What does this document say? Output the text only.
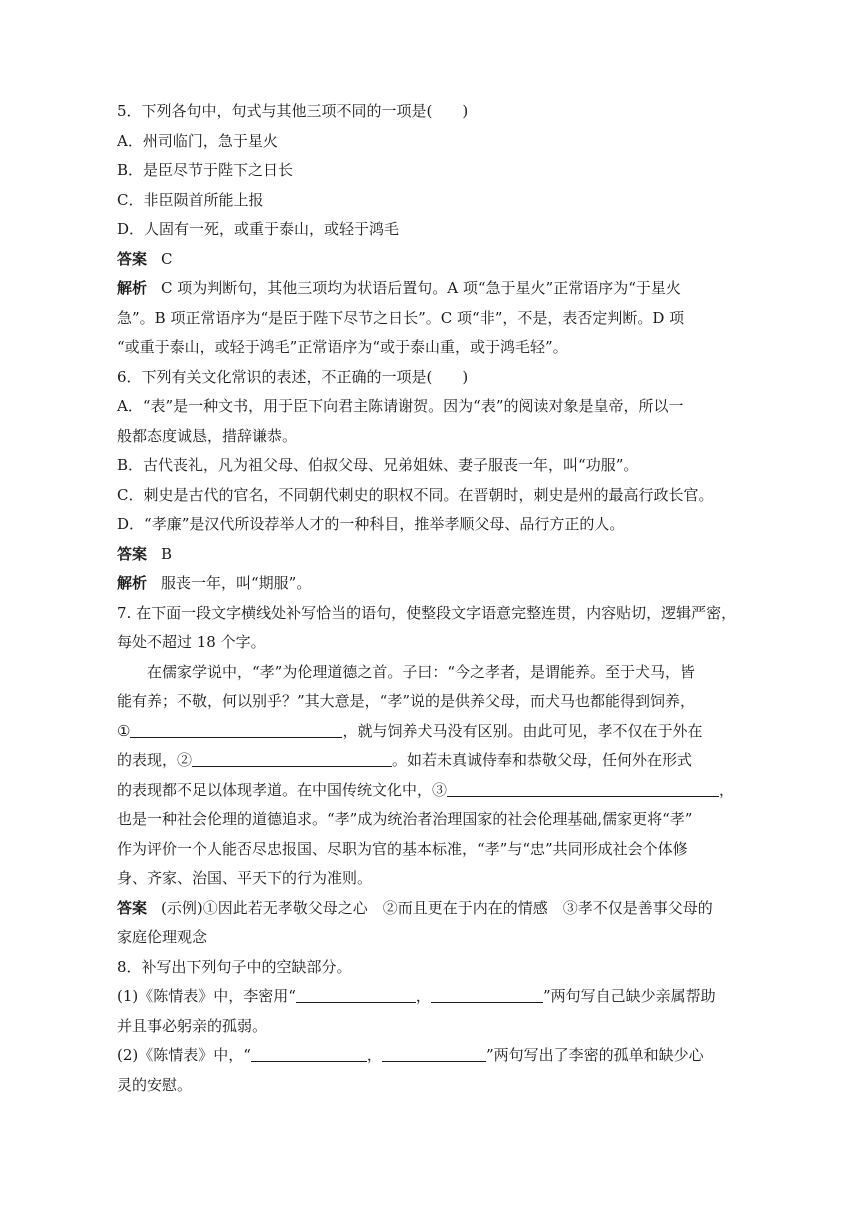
5．下列各句中，句式与其他三项不同的一项是(　　)
A．州司临门，急于星火
B．是臣尽节于陛下之日长
C．非臣陨首所能上报
D．人固有一死，或重于泰山，或轻于鸿毛
答案 C
解析 C 项为判断句，其他三项均为状语后置句。A 项“急于星火”正常语序为“于星火
急”。B 项正常语序为“是臣于陛下尽节之日长”。C 项“非”，不是，表否定判断。D 项
“或重于泰山，或轻于鸿毛”正常语序为“或于泰山重，或于鸿毛轻”。
6．下列有关文化常识的表述，不正确的一项是(　　)
A．“表”是一种文书，用于臣下向君主陈请谢贺。因为“表”的阅读对象是皇帝，所以一
般都态度诚恳，措辞谦恭。
B．古代丧礼，凡为祖父母、伯叔父母、兄弟姐妹、妻子服丧一年，叫“功服”。
C．刺史是古代的官名，不同朝代刺史的职权不同。在晋朝时，刺史是州的最高行政长官。
D．“孝廉”是汉代所设荐举人才的一种科目，推举孝顺父母、品行方正的人。
答案 B
解析 服丧一年，叫“期服”。
7. 在下面一段文字横线处补写恰当的语句，使整段文字语意完整连贯，内容贴切，逻辑严密，
每处不超过 18 个字。
在儒家学说中，“孝”为伦理道德之首。子曰：“今之孝者，是谓能养。至于犬马，皆
能有养；不敬，何以别乎？”其大意是，“孝”说的是供养父母，而犬马也都能得到饲养，
①	，就与饲养犬马没有区别。由此可见，孝不仅在于外在
的表现，②	。如若未真诚侍奉和恭敬父母，任何外在形式
的表现都不足以体现孝道。在中国传统文化中，③	，
也是一种社会伦理的道德追求。“孝”成为统治者治理国家的社会伦理基础,儒家更将“孝”
作为评价一个人能否尽忠报国、尽职为官的基本标准，“孝”与“忠”共同形成社会个体修
身、齐家、治国、平天下的行为准则。
答案 (示例)①因此若无孝敬父母之心　②而且更在于内在的情感　③孝不仅是善事父母的
家庭伦理观念
8．补写出下列句子中的空缺部分。
(1)《陈情表》中，李密用“	，	”两句写自己缺少亲属帮助
并且事必躬亲的孤弱。
(2)《陈情表》中，“	，	”两句写出了李密的孤单和缺少心
灵的安慰。
